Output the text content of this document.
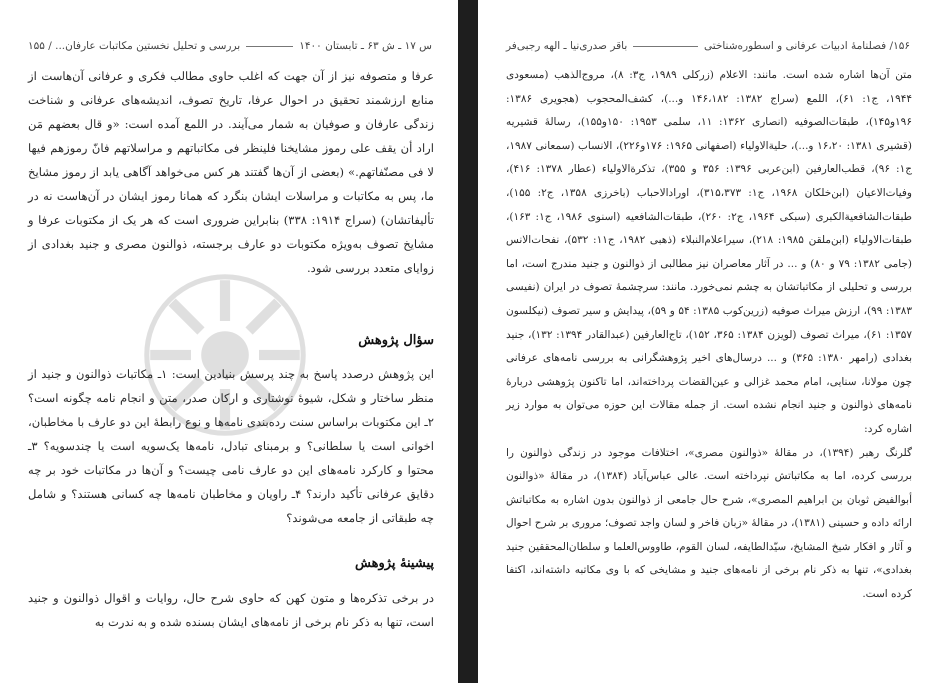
س ۱۷ ـ ش ۶۳ ـ تابستان ۱۴۰۰
بررسی و تحلیل نخستین مکاتبات عارفان... / ۱۵۵

عرفا و متصوفه نیز از آن جهت که اغلب حاوی مطالب فکری و عرفانی آن‌هاست از منابع ارزشمند تحقیق در احوال عرفا، تاریخ تصوف، اندیشه‌های عرفانی و شناخت زندگی عارفان و صوفیان به شمار می‌آیند. در اللمع آمده است: «و قال بعضهم مَن اراد أن یقف علی رموز مشایخنا فلینظر فی مکاتباتهم و مراسلاتهم فانّ رموزهم فیها لا فی مصنّفاتهم.» (بعضی از آن‌ها گفتند هر کس می‌خواهد آگاهی یابد از رموز مشایخ ما، پس به مکاتبات و مراسلات ایشان بنگرد که همانا رموز ایشان در آن‌هاست نه در تألیفاتشان) (سراج ۱۹۱۴: ۳۳۸) بنابراین ضروری است که هر یک از مکتوبات عرفا و مشایخ تصوف به‌ویژه مکتوبات دو عارف برجسته، ذوالنون مصری و جنید بغدادی از زوایای متعدد بررسی شود.

سؤال پژوهش

این پژوهش درصدد پاسخ به چند پرسش بنیادین است: ۱ـ مکاتبات ذوالنون و جنید از منظر ساختار و شکل، شیوهٔ نوشتاری و ارکان صدر، متن و انجام نامه چگونه است؟ ۲ـ این مکتوبات براساس سنت رده‌بندی نامه‌ها و نوع رابطهٔ این دو عارف با مخاطبان، اخوانی است یا سلطانی؟ و برمبنای تبادل، نامه‌ها یک‌سویه است یا چندسویه؟ ۳ـ محتوا و کارکرد نامه‌های این دو عارف نامی چیست؟ و آن‌ها در مکاتبات خود بر چه دقایق عرفانی تأکید دارند؟ ۴ـ راویان و مخاطبان نامه‌ها چه کسانی هستند؟ و شامل چه طبقاتی از جامعه می‌شوند؟

پیشینهٔ پژوهش

در برخی تذکره‌ها و متون کهن که حاوی شرح حال، روایات و اقوال ذوالنون و جنید است، تنها به ذکر نام برخی از نامه‌های ایشان بسنده شده و به ندرت به

۱۵۶/ فصلنامهٔ ادبیات عرفانی و اسطوره‌شناختی
باقر صدری‌نیا ـ الهه رجبی‌فر

متن آن‌ها اشاره شده است. مانند: الاعلام (زرکلی ۱۹۸۹، ج۳: ۸)، مروج‌الذهب (مسعودی ۱۹۴۴، ج۱: ۶۱)، اللمع (سراج ۱۳۸۲: ۱۴۶،۱۸۲ و...)، کشف‌المحجوب (هجویری ۱۳۸۶: ۱۹۶و۱۴۵)، طبقات‌الصوفیه (انصاری ۱۳۶۲: ۱۱، سلمی ۱۹۵۳: ۱۵۰و۱۵۵)، رسالهٔ قشیریه (قشیری ۱۳۸۱: ۱۶،۲۰ و...)، حلیة‌الاولیاء (اصفهانی ۱۹۶۵: ۱۷۶و۲۲۶)، الانساب (سمعانی ۱۹۸۷، ج۱: ۹۶)، قطب‌العارفین (ابن‌عربی ۱۳۹۶: ۳۵۶ و ۳۵۵)، تذکرة‌الاولیاء (عطار ۱۳۷۸: ۴۱۶)، وفیات‌الاعیان (ابن‌خلکان ۱۹۶۸، ج۱: ۳۱۵،۳۷۳)، اورادالاحباب (باخرزی ۱۳۵۸، ج۲: ۱۵۵)، طبقات‌الشافعیة‌الکبری (سبکی ۱۹۶۴، ج۲: ۲۶۰)، طبقات‌الشافعیه (اسنوی ۱۹۸۶، ج۱: ۱۶۳)، طبقات‌الاولیاء (ابن‌ملقن ۱۹۸۵: ۲۱۸)، سیراعلام‌النبلاء (ذهبی ۱۹۸۲، ج۱۱: ۵۳۲)، نفحات‌الانس (جامی ۱۳۸۲: ۷۹ و ۸۰) و ... در آثار معاصران نیز مطالبی از ذوالنون و جنید مندرج است، اما بررسی و تحلیلی از مکاتباتشان به چشم نمی‌خورد. مانند: سرچشمهٔ تصوف در ایران (نفیسی ۱۳۸۳: ۹۹)، ارزش میراث صوفیه (زرین‌کوب ۱۳۸۵: ۵۴ و ۵۹)، پیدایش و سیر تصوف (نیکلسون ۱۳۵۷: ۶۱)، میراث تصوف (لویزن ۱۳۸۴: ۳۶۵، ۱۵۲)، تاج‌العارفین (عبدالقادر ۱۳۹۴: ۱۳۲)، جنید بغدادی (رامهر ۱۳۸۰: ۳۶۵) و ... درسال‌های اخیر پژوهشگرانی به بررسی نامه‌های عرفانی چون مولانا، سنایی، امام محمد غزالی و عین‌القضات پرداخته‌اند، اما تاکنون پژوهشی دربارهٔ نامه‌های ذوالنون و جنید انجام نشده است. از جمله مقالات این حوزه می‌توان به موارد زیر اشاره کرد:

گلرنگ رهبر (۱۳۹۴)، در مقالهٔ «ذوالنون مصری»، اختلافات موجود در زندگی ذوالنون را بررسی کرده، اما به مکاتباتش نپرداخته است. عالی عباس‌آباد (۱۳۸۴)، در مقالهٔ «ذوالنون أبوالفیض ثوبان بن ابراهیم المصری»، شرح حال جامعی از ذوالنون بدون اشاره به مکاتباتش ارائه داده و حسینی (۱۳۸۱)، در مقالهٔ «زبان فاخر و لسان واجد تصوف؛ مروری بر شرح احوال و آثار و افکار شیخ المشایخ، سیّدالطایفه، لسان القوم، طاووس‌العلما و سلطان‌المحققین جنید بغدادی»، تنها به ذکر نام برخی از نامه‌های جنید و مشایخی که با وی مکاتبه داشته‌اند، اکتفا کرده است.
